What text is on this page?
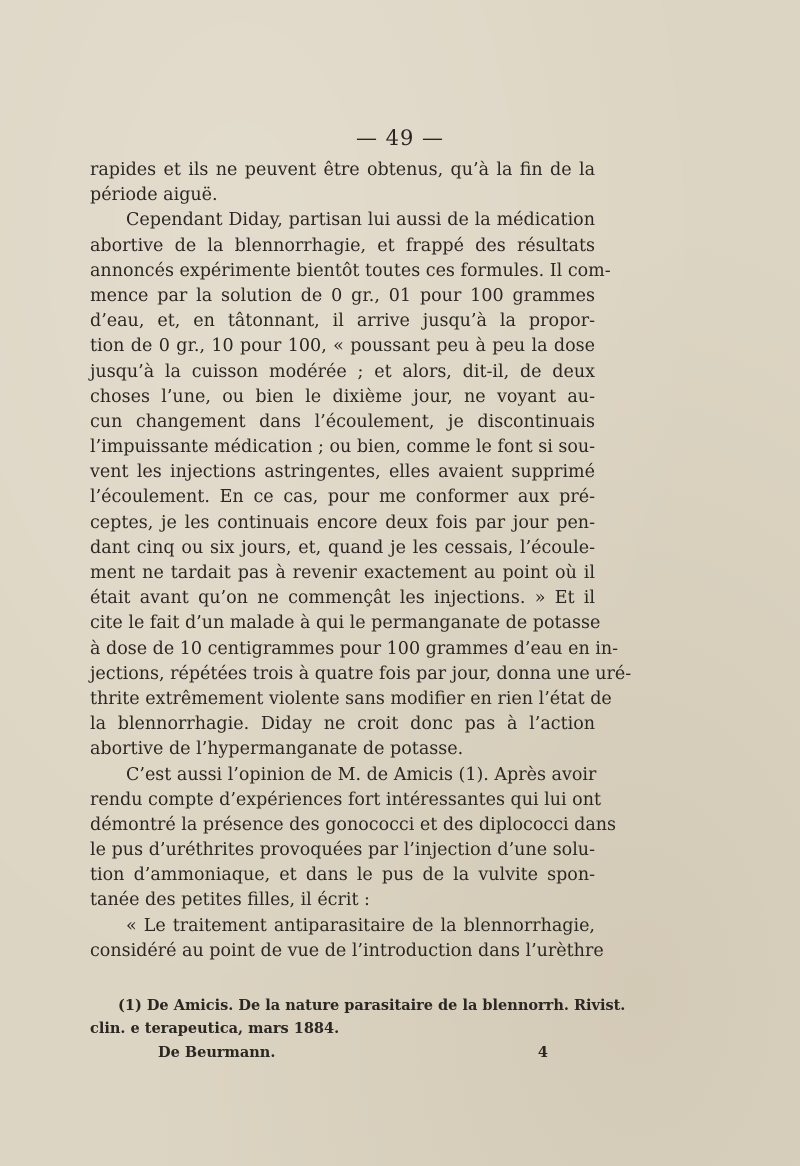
— 49 —
rapides et ils ne peuvent être obtenus, qu’à la fin de la
période aiguë.
Cependant Diday, partisan lui aussi de la médication
abortive de la blennorrhagie, et frappé des résultats
annoncés expérimente bientôt toutes ces formules. Il com-
mence par la solution de 0 gr., 01 pour 100 grammes
d’eau, et, en tâtonnant, il arrive jusqu’à la propor-
tion de 0 gr., 10 pour 100, « poussant peu à peu la dose
jusqu’à la cuisson modérée ; et alors, dit-il, de deux
choses l’une, ou bien le dixième jour, ne voyant au-
cun changement dans l’écoulement, je discontinuais
l’impuissante médication ; ou bien, comme le font si sou-
vent les injections astringentes, elles avaient supprimé
l’écoulement. En ce cas, pour me conformer aux pré-
ceptes, je les continuais encore deux fois par jour pen-
dant cinq ou six jours, et, quand je les cessais, l’écoule-
ment ne tardait pas à revenir exactement au point où il
était avant qu’on ne commençât les injections. » Et il
cite le fait d’un malade à qui le permanganate de potasse
à dose de 10 centigrammes pour 100 grammes d’eau en in-
jections, répétées trois à quatre fois par jour, donna une uré-
thrite extrêmement violente sans modifier en rien l’état de
la blennorrhagie. Diday ne croit donc pas à l’action
abortive de l’hypermanganate de potasse.
C’est aussi l’opinion de M. de Amicis (1). Après avoir
rendu compte d’expériences fort intéressantes qui lui ont
démontré la présence des gonococci et des diplococci dans
le pus d’uréthrites provoquées par l’injection d’une solu-
tion d’ammoniaque, et dans le pus de la vulvite spon-
tanée des petites filles, il écrit :
« Le traitement antiparasitaire de la blennorrhagie,
considéré au point de vue de l’introduction dans l’urèthre
(1) De Amicis. De la nature parasitaire de la blennorrh. Rivist.
clin. e terapeutica, mars 1884.
De Beurmann.	4
